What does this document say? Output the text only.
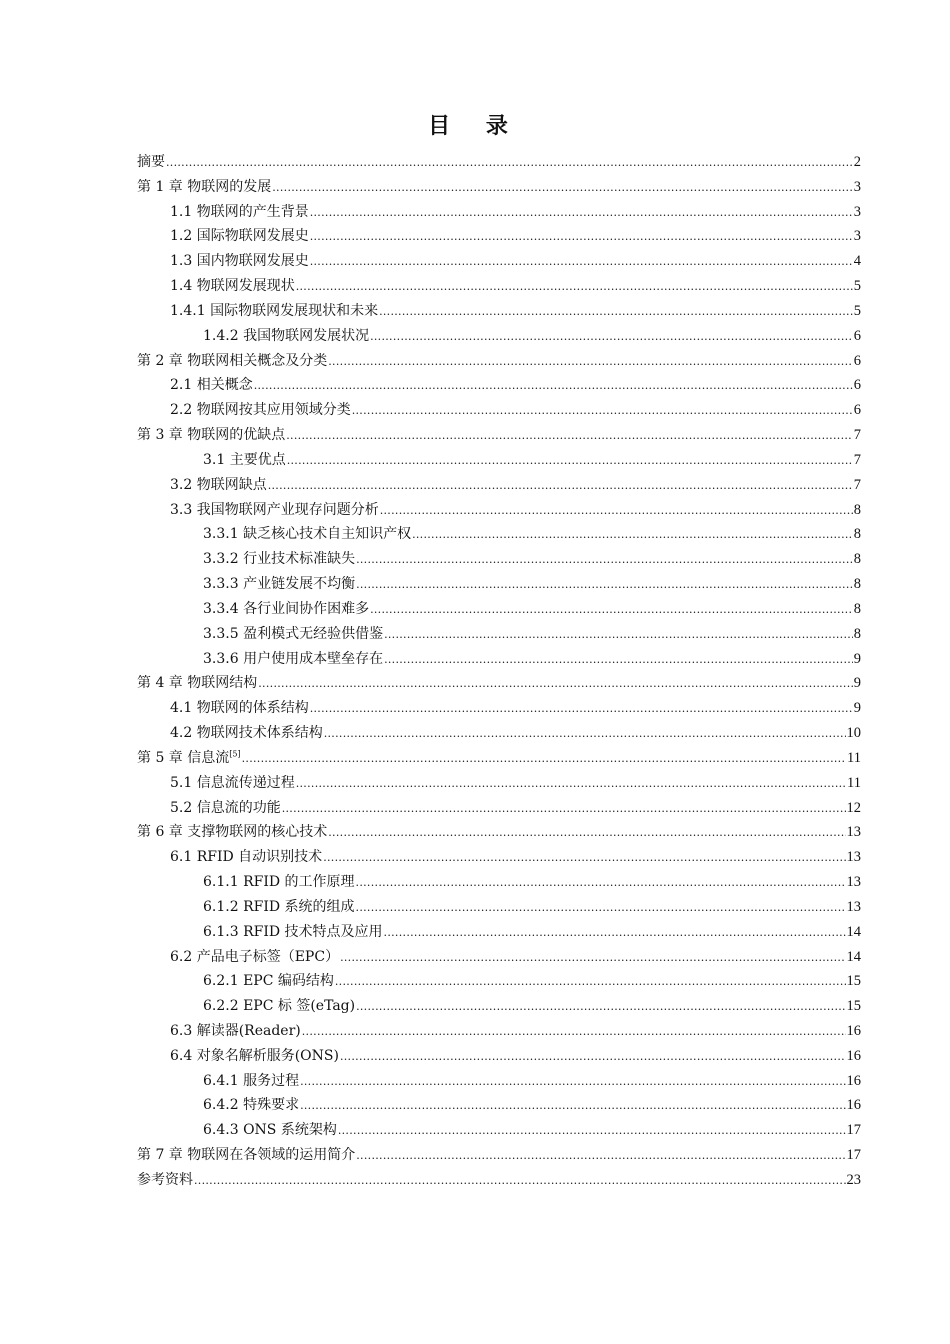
目 录
摘要 .....	2
第 1 章 物联网的发展 .....	3
1.1 物联网的产生背景 .....	3
1.2 国际物联网发展史 .....	3
1.3 国内物联网发展史 .....	4
1.4 物联网发展现状 .....	5
1.4.1 国际物联网发展现状和未来 .....	5
1.4.2 我国物联网发展状况 .....	6
第 2 章 物联网相关概念及分类 .....	6
2.1 相关概念 .....	6
2.2 物联网按其应用领域分类 .....	6
第 3 章 物联网的优缺点 .....	7
3.1 主要优点 .....	7
3.2 物联网缺点 .....	7
3.3 我国物联网产业现存问题分析 .....	8
3.3.1 缺乏核心技术自主知识产权 .....	8
3.3.2 行业技术标准缺失 .....	8
3.3.3 产业链发展不均衡 .....	8
3.3.4 各行业间协作困难多 .....	8
3.3.5 盈利模式无经验供借鉴 .....	8
3.3.6 用户使用成本壁垒存在 .....	9
第 4 章 物联网结构 .....	9
4.1 物联网的体系结构 .....	9
4.2 物联网技术体系结构 .....	10
第 5 章 信息流[5] .....	11
5.1 信息流传递过程 .....	11
5.2 信息流的功能 .....	12
第 6 章 支撑物联网的核心技术 .....	13
6.1 RFID 自动识别技术 .....	13
6.1.1 RFID 的工作原理 .....	13
6.1.2 RFID 系统的组成 .....	13
6.1.3 RFID 技术特点及应用 .....	14
6.2 产品电子标签（EPC） .....	14
6.2.1 EPC 编码结构 .....	15
6.2.2 EPC 标 签(eTag) .....	15
6.3 解读器(Reader) .....	16
6.4 对象名解析服务(ONS) .....	16
6.4.1 服务过程 .....	16
6.4.2 特殊要求 .....	16
6.4.3 ONS 系统架构 .....	17
第 7 章 物联网在各领域的运用简介 .....	17
参考资料 .....	23
